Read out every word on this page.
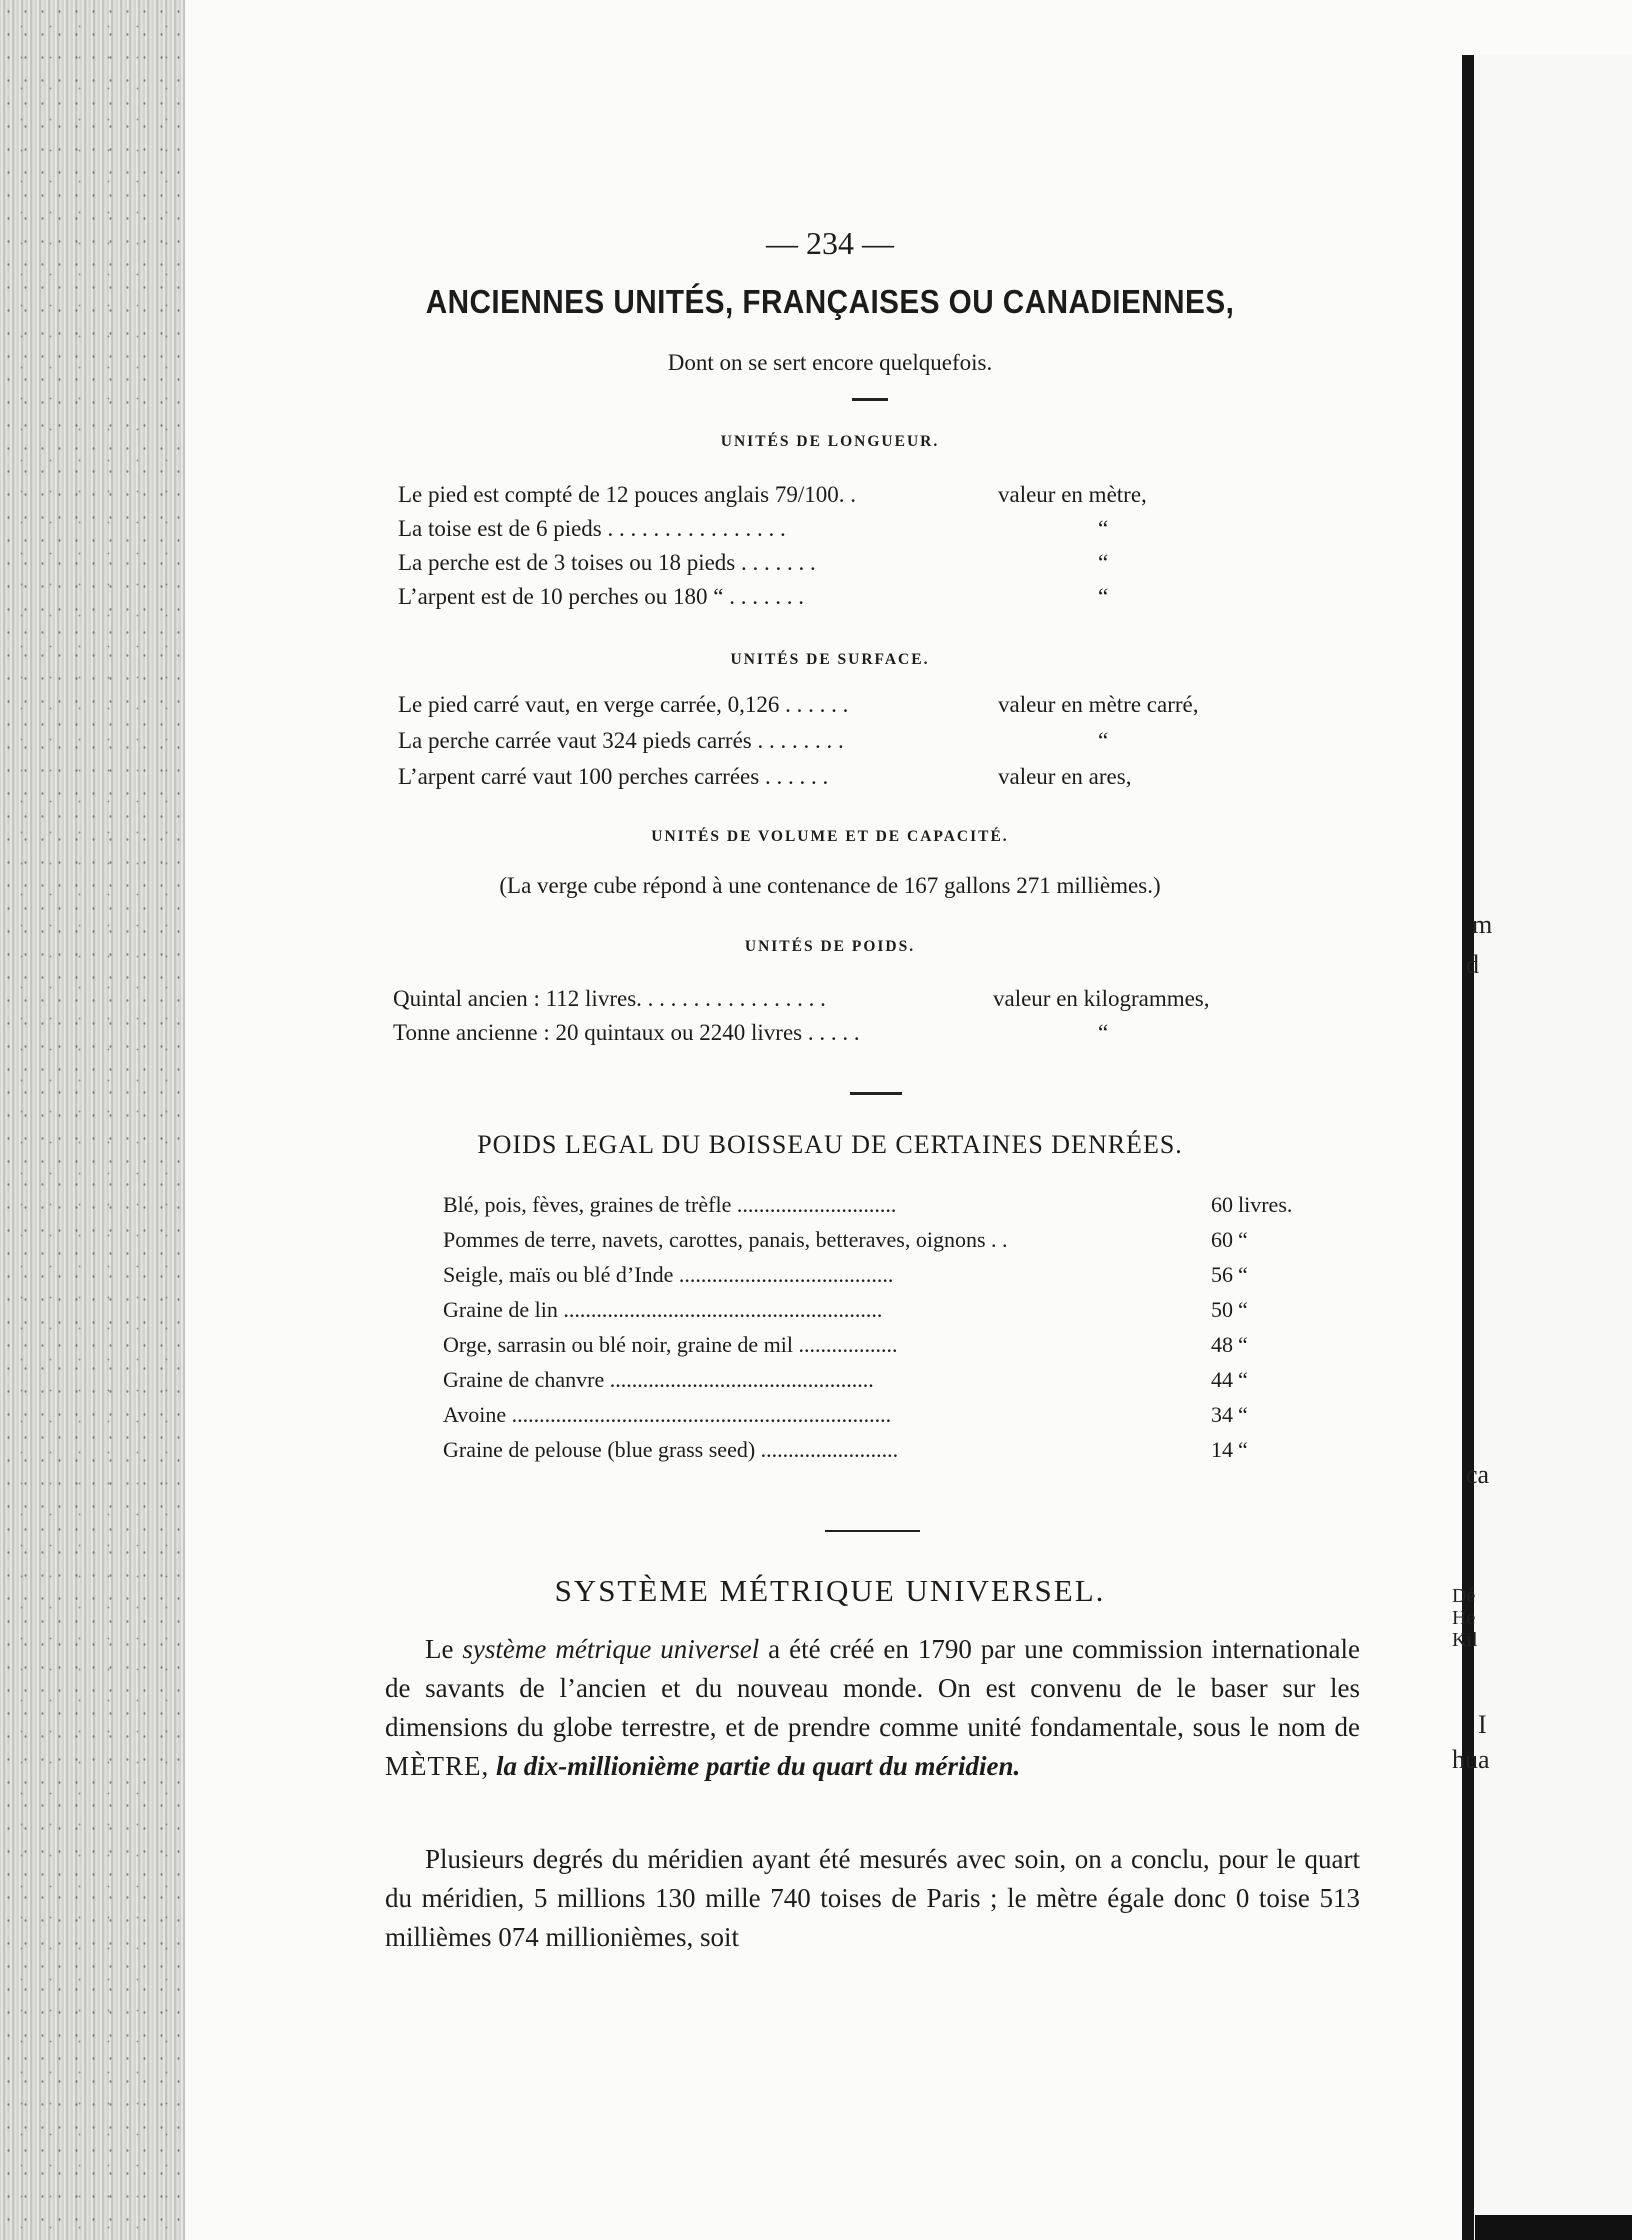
— 234 —
ANCIENNES UNITÉS, FRANÇAISES OU CANADIENNES,
Dont on se sert encore quelquefois.
UNITÉS DE LONGUEUR.
Le pied est compté de 12 pouces anglais 79/100. .	valeur en mètre,
La toise est de 6 pieds . . . . . . . . . . . . . . . .	“
La perche est de 3 toises ou 18 pieds . . . . . . .	“
L’arpent est de 10 perches ou 180 “ . . . . . . .	“
UNITÉS DE SURFACE.
Le pied carré vaut, en verge carrée, 0,126 . . . . . .	valeur en mètre carré,
La perche carrée vaut 324 pieds carrés . . . . . . . .	“
L’arpent carré vaut 100 perches carrées . . . . . .	valeur en ares,
UNITÉS DE VOLUME ET DE CAPACITÉ.
(La verge cube répond à une contenance de 167 gallons 271 millièmes.)
UNITÉS DE POIDS.
Quintal ancien : 112 livres. . . . . . . . . . . . . . . . .	valeur en kilogrammes,
Tonne ancienne : 20 quintaux ou 2240 livres . . . . .	“
POIDS LEGAL DU BOISSEAU DE CERTAINES DENRÉES.
Blé, pois, fèves, graines de trèfle .............................	60 livres.
Pommes de terre, navets, carottes, panais, betteraves, oignons . .	60 “
Seigle, maïs ou blé d’Inde .......................................	56 “
Graine de lin ..........................................................	50 “
Orge, sarrasin ou blé noir, graine de mil ..................	48 “
Graine de chanvre ................................................	44 “
Avoine .....................................................................	34 “
Graine de pelouse (blue grass seed) .........................	14 “
SYSTÈME MÉTRIQUE UNIVERSEL.
Le système métrique universel a été créé en 1790 par une commission internationale de savants de l’ancien et du nouveau monde. On est convenu de le baser sur les dimensions du globe terrestre, et de prendre comme unité fondamentale, sous le nom de MÈTRE, la dix-millionième partie du quart du méridien.
Plusieurs degrés du méridien ayant été mesurés avec soin, on a conclu, pour le quart du méridien, 5 millions 130 mille 740 toises de Paris ; le mètre égale donc 0 toise 513 millièmes 074 millionièmes, soit
m
d
ca
Dé
He
Kil
I
hua
